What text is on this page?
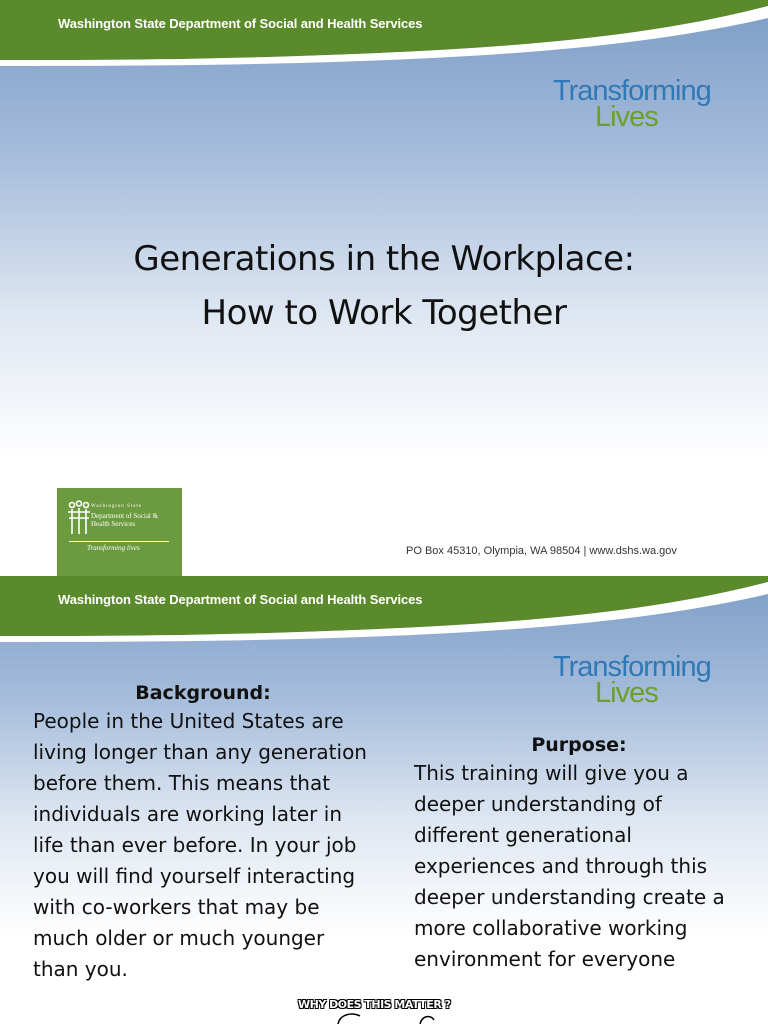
Washington State Department of Social and Health Services
Transforming
Lives
Generations in the Workplace:
How to Work Together
Washington State
Department of Social & Health Services
Transforming lives	PO Box 45310, Olympia, WA 98504 | www.dshs.wa.gov
Washington State Department of Social and Health Services
Transforming
Lives
Background:
People in the United States are
living longer than any generation
before them. This means that
individuals are working later in
life than ever before. In your job
you will find yourself interacting
with co-workers that may be
much older or much younger
than you.
Purpose:
This training will give you a
deeper understanding of
different generational
experiences and through this
deeper understanding create a
more collaborative working
environment for everyone
WHY DOES THIS MATTER ?
